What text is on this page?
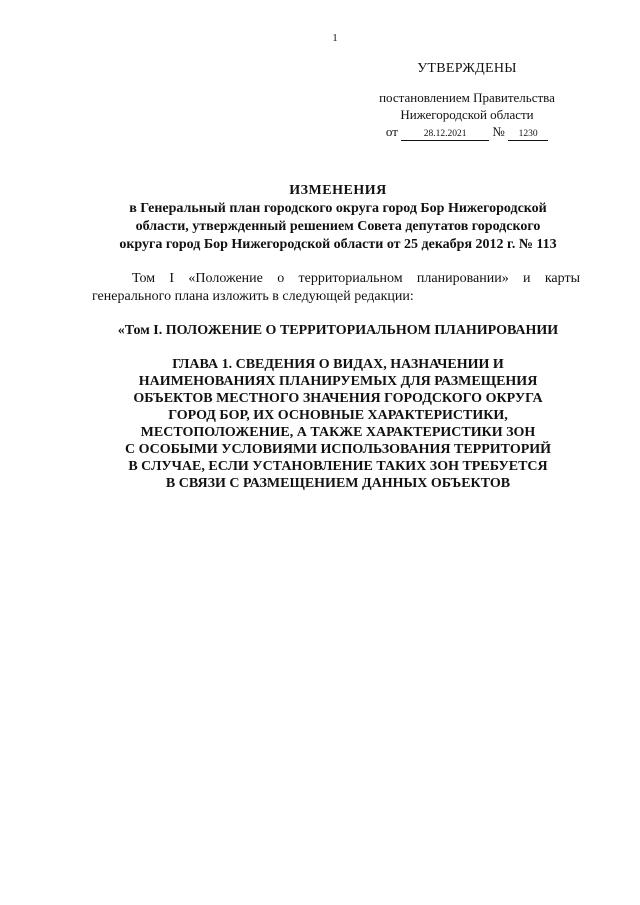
1
УТВЕРЖДЕНЫ
постановлением Правительства
Нижегородской области
от	28.12.2021 № 1230
ИЗМЕНЕНИЯ
в Генеральный план городского округа город Бор Нижегородской
области, утвержденный решением Совета депутатов городского
округа город Бор Нижегородской области от 25 декабря 2012 г. № 113
Том I «Положение о территориальном планировании» и карты генерального плана изложить в следующей редакции:
«Том I. ПОЛОЖЕНИЕ О ТЕРРИТОРИАЛЬНОМ ПЛАНИРОВАНИИ
ГЛАВА 1. СВЕДЕНИЯ О ВИДАХ, НАЗНАЧЕНИИ И
НАИМЕНОВАНИЯХ ПЛАНИРУЕМЫХ ДЛЯ РАЗМЕЩЕНИЯ
ОБЪЕКТОВ МЕСТНОГО ЗНАЧЕНИЯ ГОРОДСКОГО ОКРУГА
ГОРОД БОР, ИХ ОСНОВНЫЕ ХАРАКТЕРИСТИКИ,
МЕСТОПОЛОЖЕНИЕ, А ТАКЖЕ ХАРАКТЕРИСТИКИ ЗОН
С ОСОБЫМИ УСЛОВИЯМИ ИСПОЛЬЗОВАНИЯ ТЕРРИТОРИЙ
В СЛУЧАЕ, ЕСЛИ УСТАНОВЛЕНИЕ ТАКИХ ЗОН ТРЕБУЕТСЯ
В СВЯЗИ С РАЗМЕЩЕНИЕМ ДАННЫХ ОБЪЕКТОВ
